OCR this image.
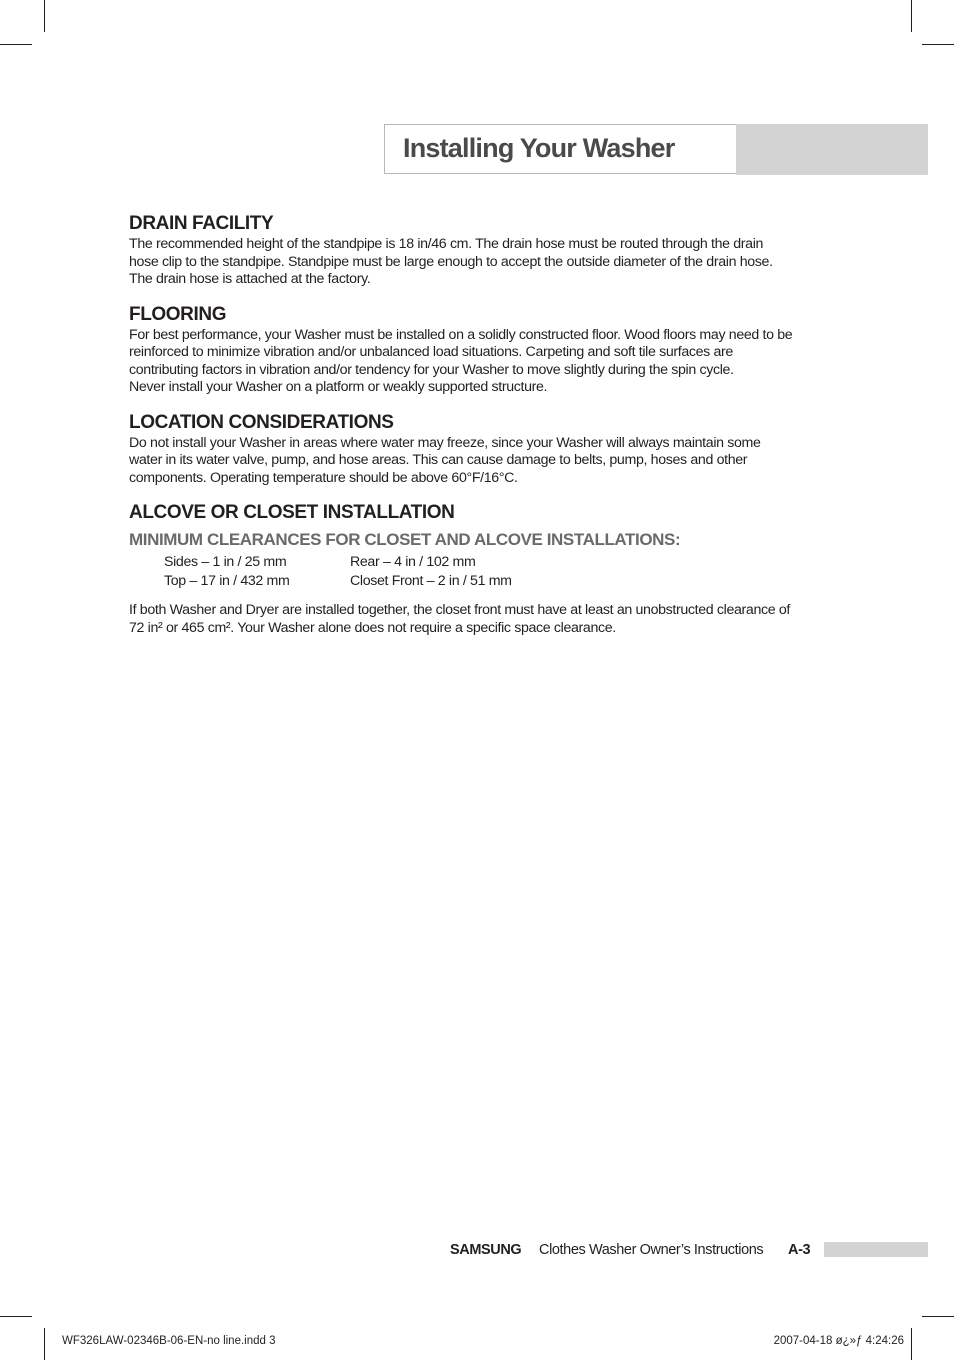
Installing Your Washer
DRAIN FACILITY

The recommended height of the standpipe is 18 in/46 cm. The drain hose must be routed through the drain hose clip to the standpipe. Standpipe must be large enough to accept the outside diameter of the drain hose. The drain hose is attached at the factory.

FLOORING

For best performance, your Washer must be installed on a solidly constructed floor. Wood floors may need to be reinforced to minimize vibration and/or unbalanced load situations. Carpeting and soft tile surfaces are contributing factors in vibration and/or tendency for your Washer to move slightly during the spin cycle.

Never install your Washer on a platform or weakly supported structure.

LOCATION CONSIDERATIONS

Do not install your Washer in areas where water may freeze, since your Washer will always maintain some water in its water valve, pump, and hose areas. This can cause damage to belts, pump, hoses and other components. Operating temperature should be above 60°F/16°C.

ALCOVE OR CLOSET INSTALLATION
MINIMUM CLEARANCES FOR CLOSET AND ALCOVE INSTALLATIONS:
Sides – 1 in / 25 mm	Rear – 4 in / 102 mm
Top – 17 in / 432 mm	Closet Front – 2 in / 51 mm

If both Washer and Dryer are installed together, the closet front must have at least an unobstructed clearance of 72 in² or 465 cm². Your Washer alone does not require a specific space clearance.

SAMSUNG Clothes Washer Owner’s Instructions A-3
WF326LAW-02346B-06-EN-no line.indd 3	2007-04-18 ø¿»ƒ 4:24:26
